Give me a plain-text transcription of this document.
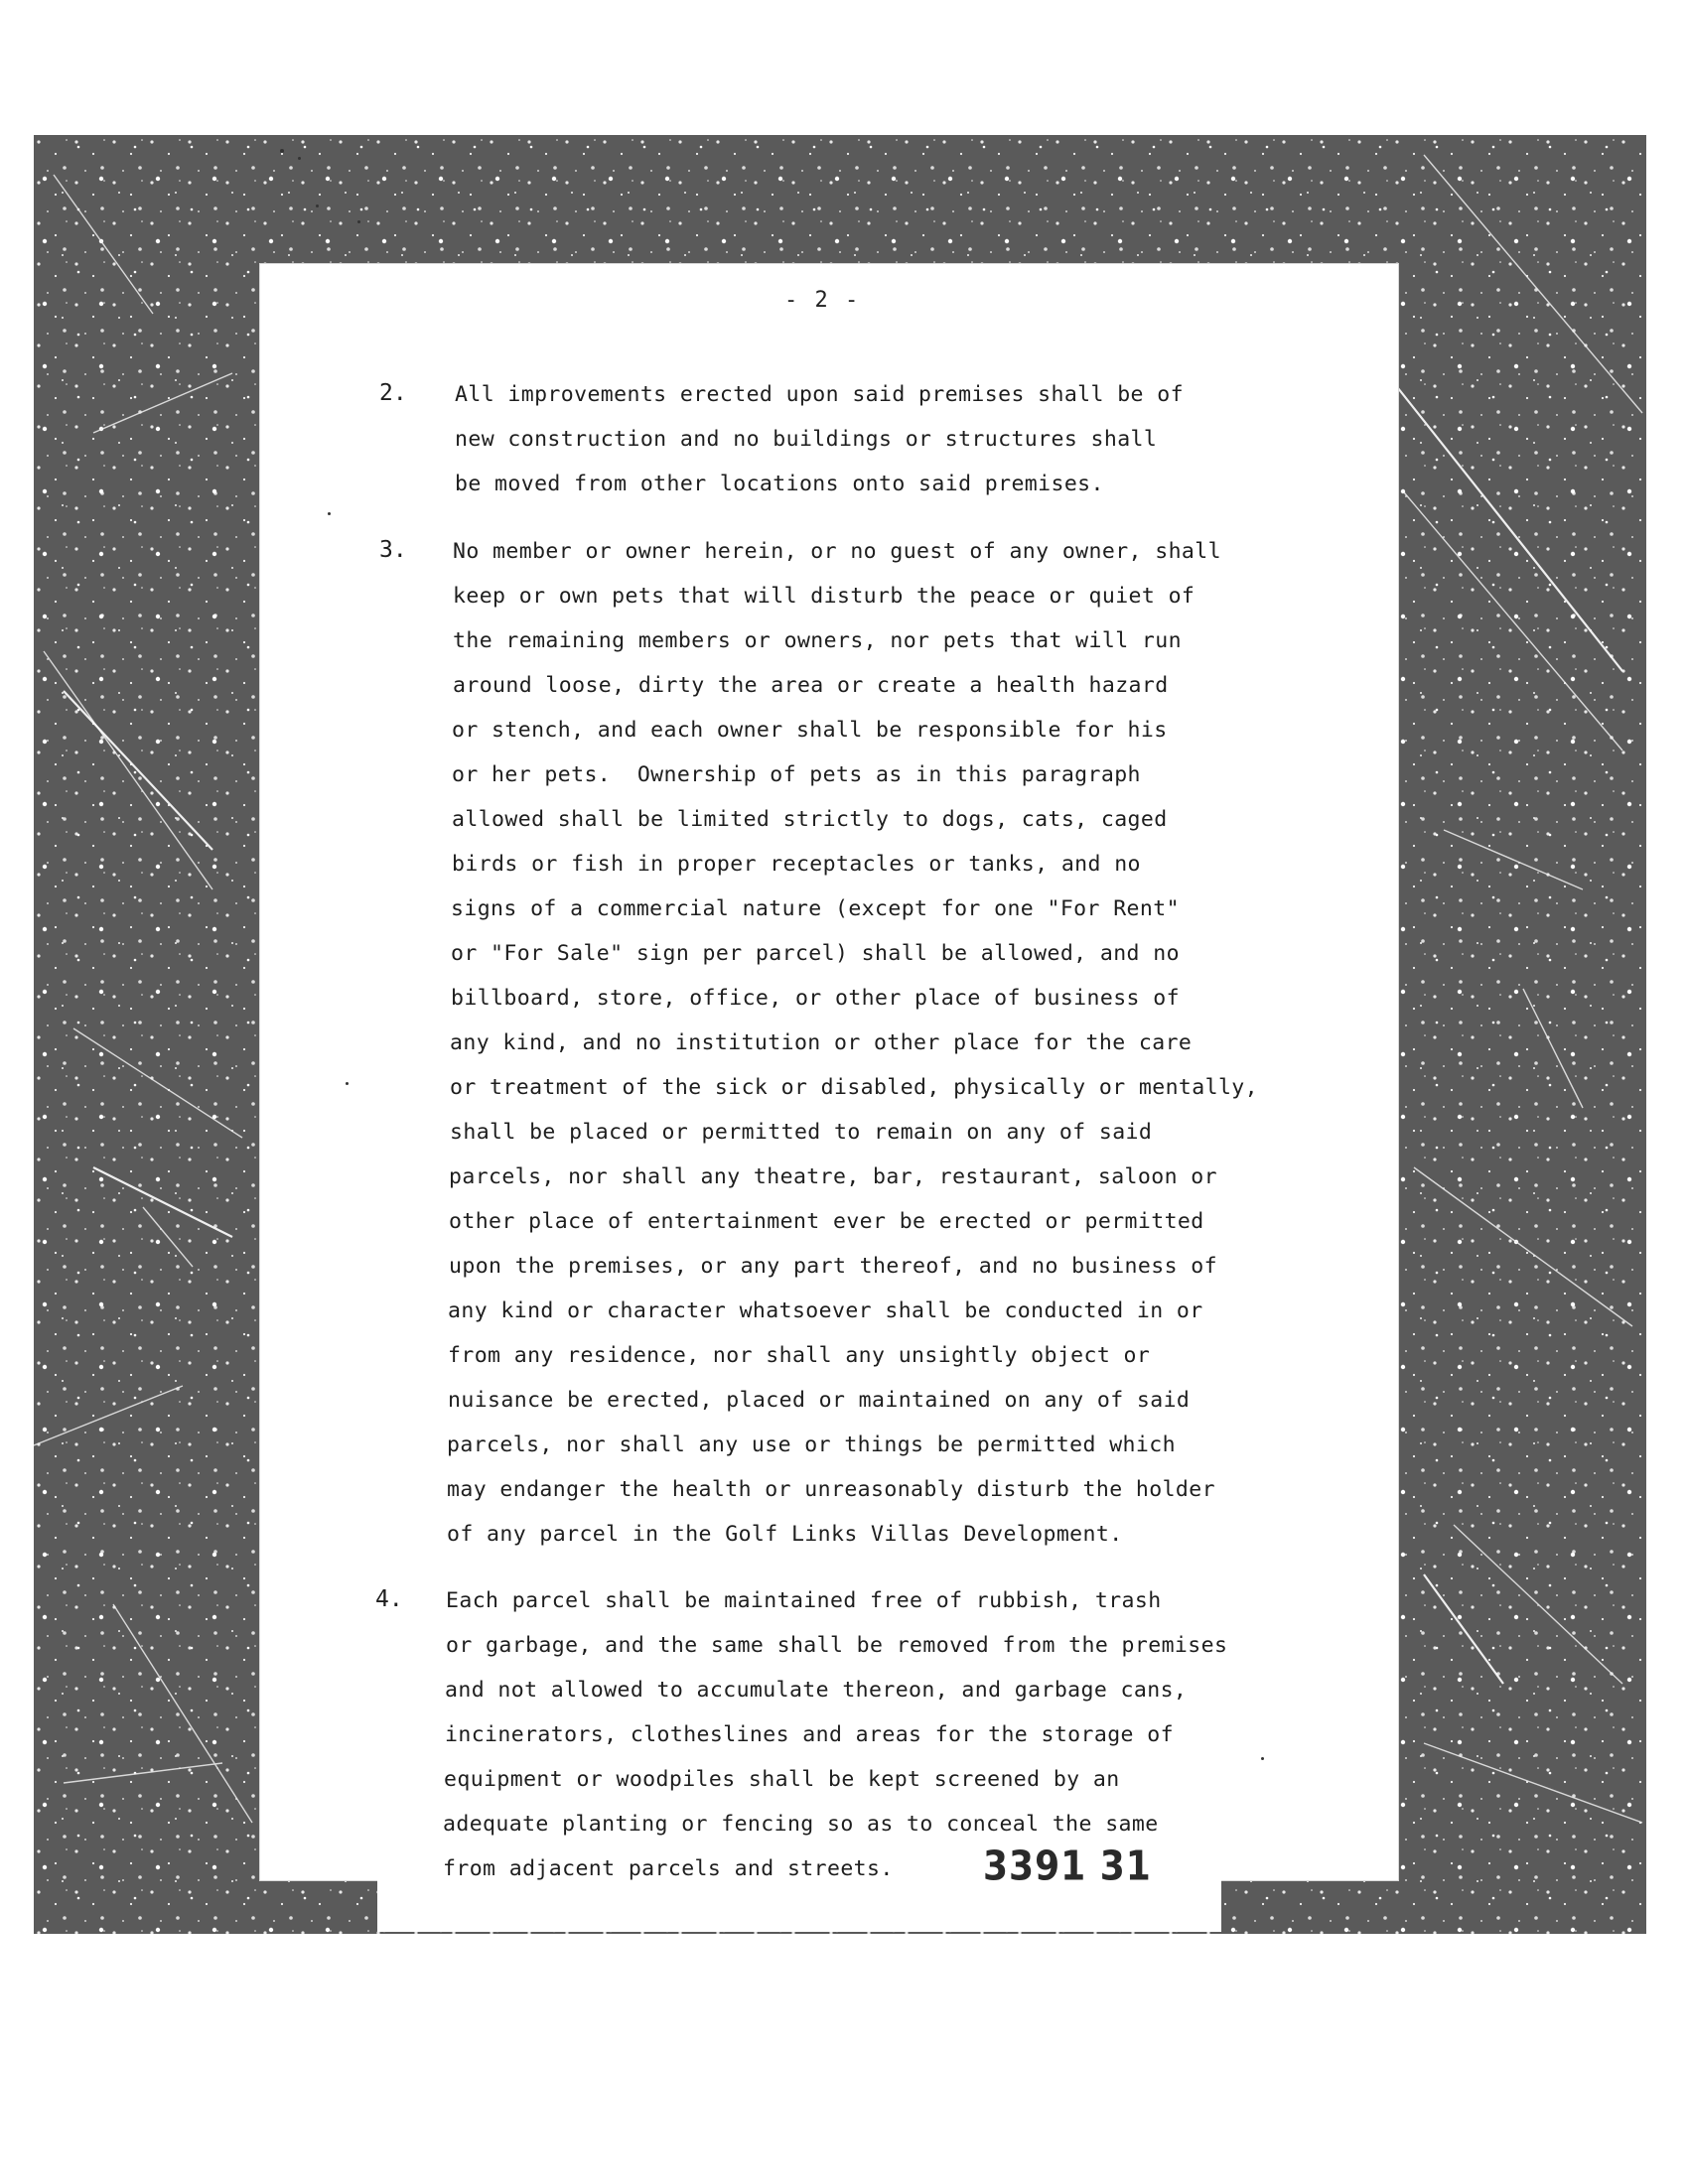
- 2 -
2. All improvements erected upon said premises shall be of
new construction and no buildings or structures shall
be moved from other locations onto said premises.
3. No member or owner herein, or no guest of any owner, shall
keep or own pets that will disturb the peace or quiet of
the remaining members or owners, nor pets that will run
around loose, dirty the area or create a health hazard
or stench, and each owner shall be responsible for his
or her pets.  Ownership of pets as in this paragraph
allowed shall be limited strictly to dogs, cats, caged
birds or fish in proper receptacles or tanks, and no
signs of a commercial nature (except for one "For Rent"
or "For Sale" sign per parcel) shall be allowed, and no
billboard, store, office, or other place of business of
any kind, and no institution or other place for the care
or treatment of the sick or disabled, physically or mentally,
shall be placed or permitted to remain on any of said
parcels, nor shall any theatre, bar, restaurant, saloon or
other place of entertainment ever be erected or permitted
upon the premises, or any part thereof, and no business of
any kind or character whatsoever shall be conducted in or
from any residence, nor shall any unsightly object or
nuisance be erected, placed or maintained on any of said
parcels, nor shall any use or things be permitted which
may endanger the health or unreasonably disturb the holder
of any parcel in the Golf Links Villas Development.
4. Each parcel shall be maintained free of rubbish, trash
or garbage, and the same shall be removed from the premises
and not allowed to accumulate thereon, and garbage cans,
incinerators, clotheslines and areas for the storage of
equipment or woodpiles shall be kept screened by an
adequate planting or fencing so as to conceal the same
from adjacent parcels and streets.	3391 31
